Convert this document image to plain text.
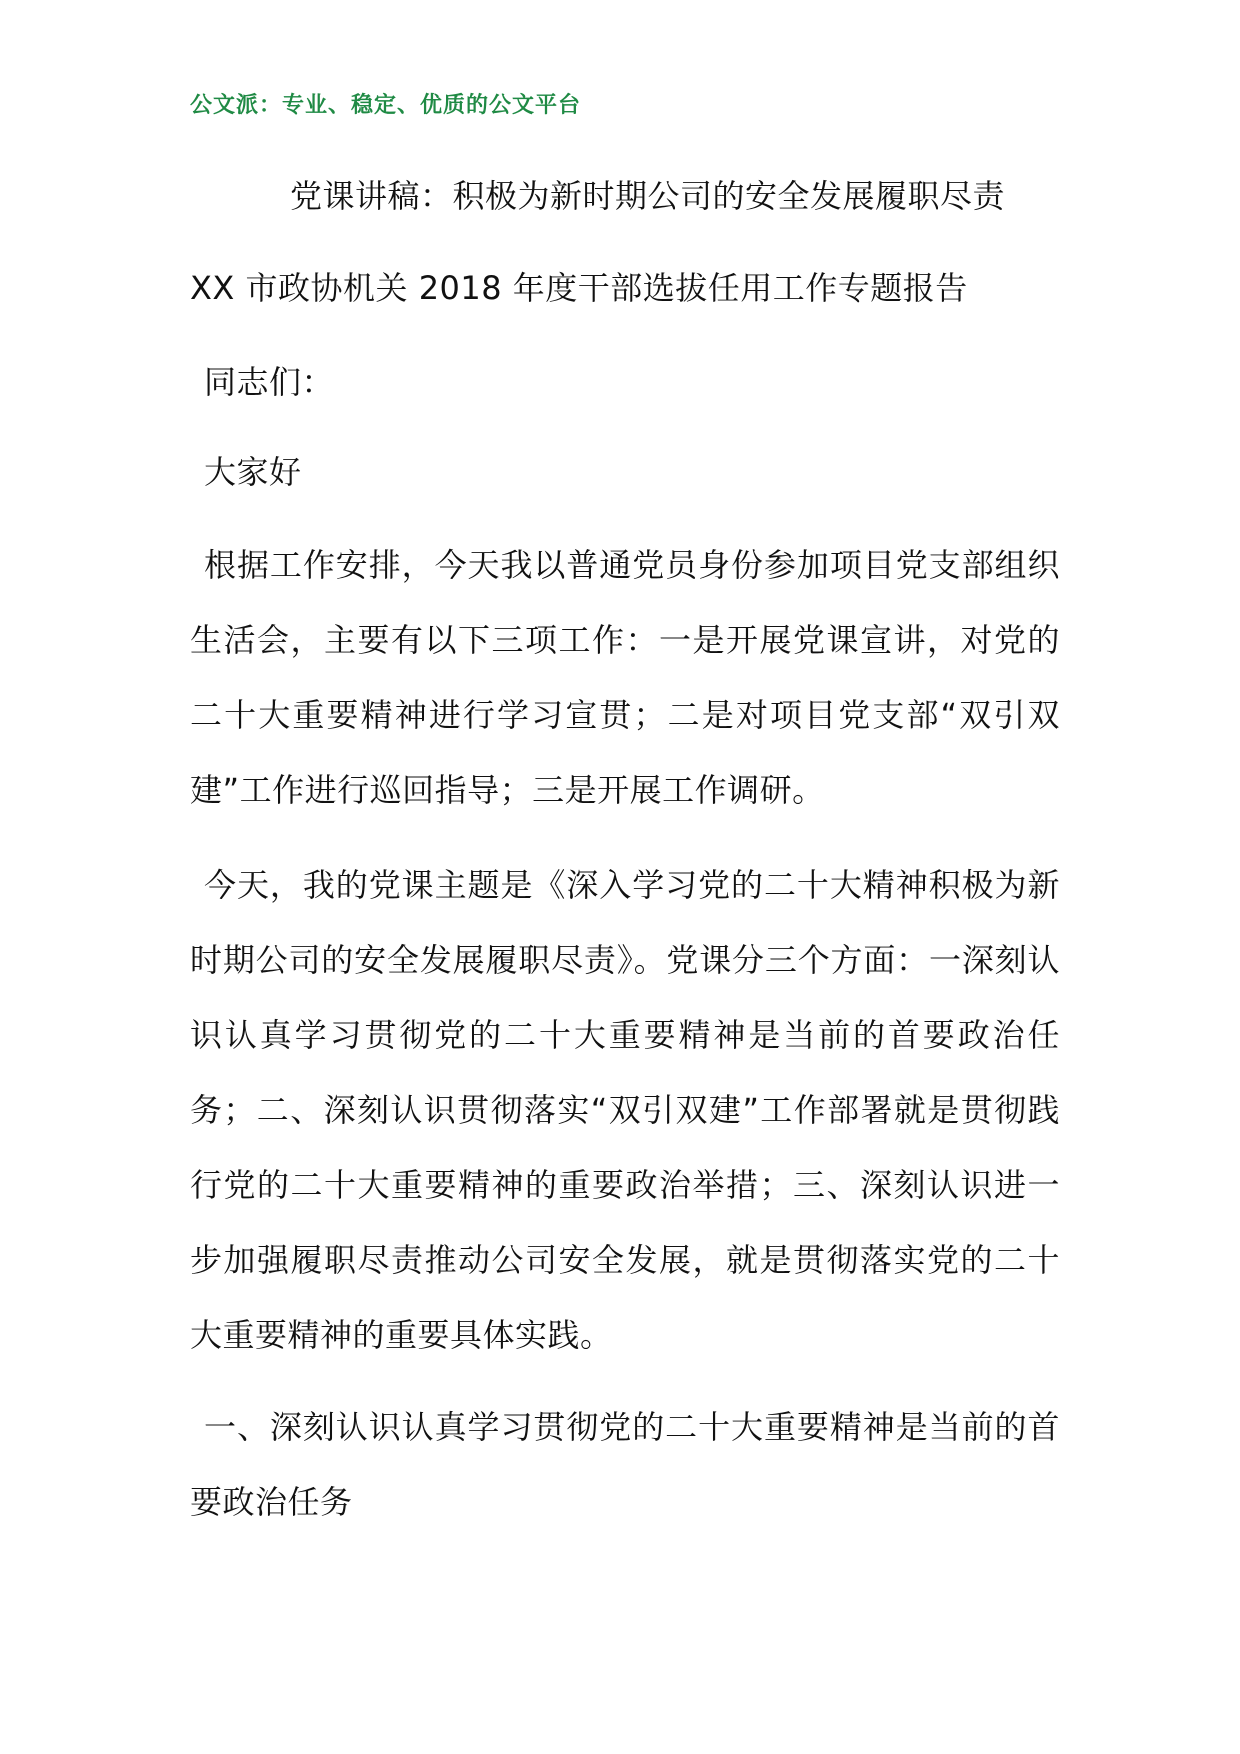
公文派：专业、稳定、优质的公文平台
党课讲稿：积极为新时期公司的安全发展履职尽责
XX 市政协机关 2018 年度干部选拔任用工作专题报告
同志们：
大家好
根据工作安排，今天我以普通党员身份参加项目党支部组织生活会，主要有以下三项工作：一是开展党课宣讲，对党的二十大重要精神进行学习宣贯；二是对项目党支部“双引双建”工作进行巡回指导；三是开展工作调研。
今天，我的党课主题是《深入学习党的二十大精神积极为新时期公司的安全发展履职尽责》。党课分三个方面：一深刻认识认真学习贯彻党的二十大重要精神是当前的首要政治任务；二、深刻认识贯彻落实“双引双建”工作部署就是贯彻践行党的二十大重要精神的重要政治举措；三、深刻认识进一步加强履职尽责推动公司安全发展，就是贯彻落实党的二十大重要精神的重要具体实践。
一、深刻认识认真学习贯彻党的二十大重要精神是当前的首要政治任务
